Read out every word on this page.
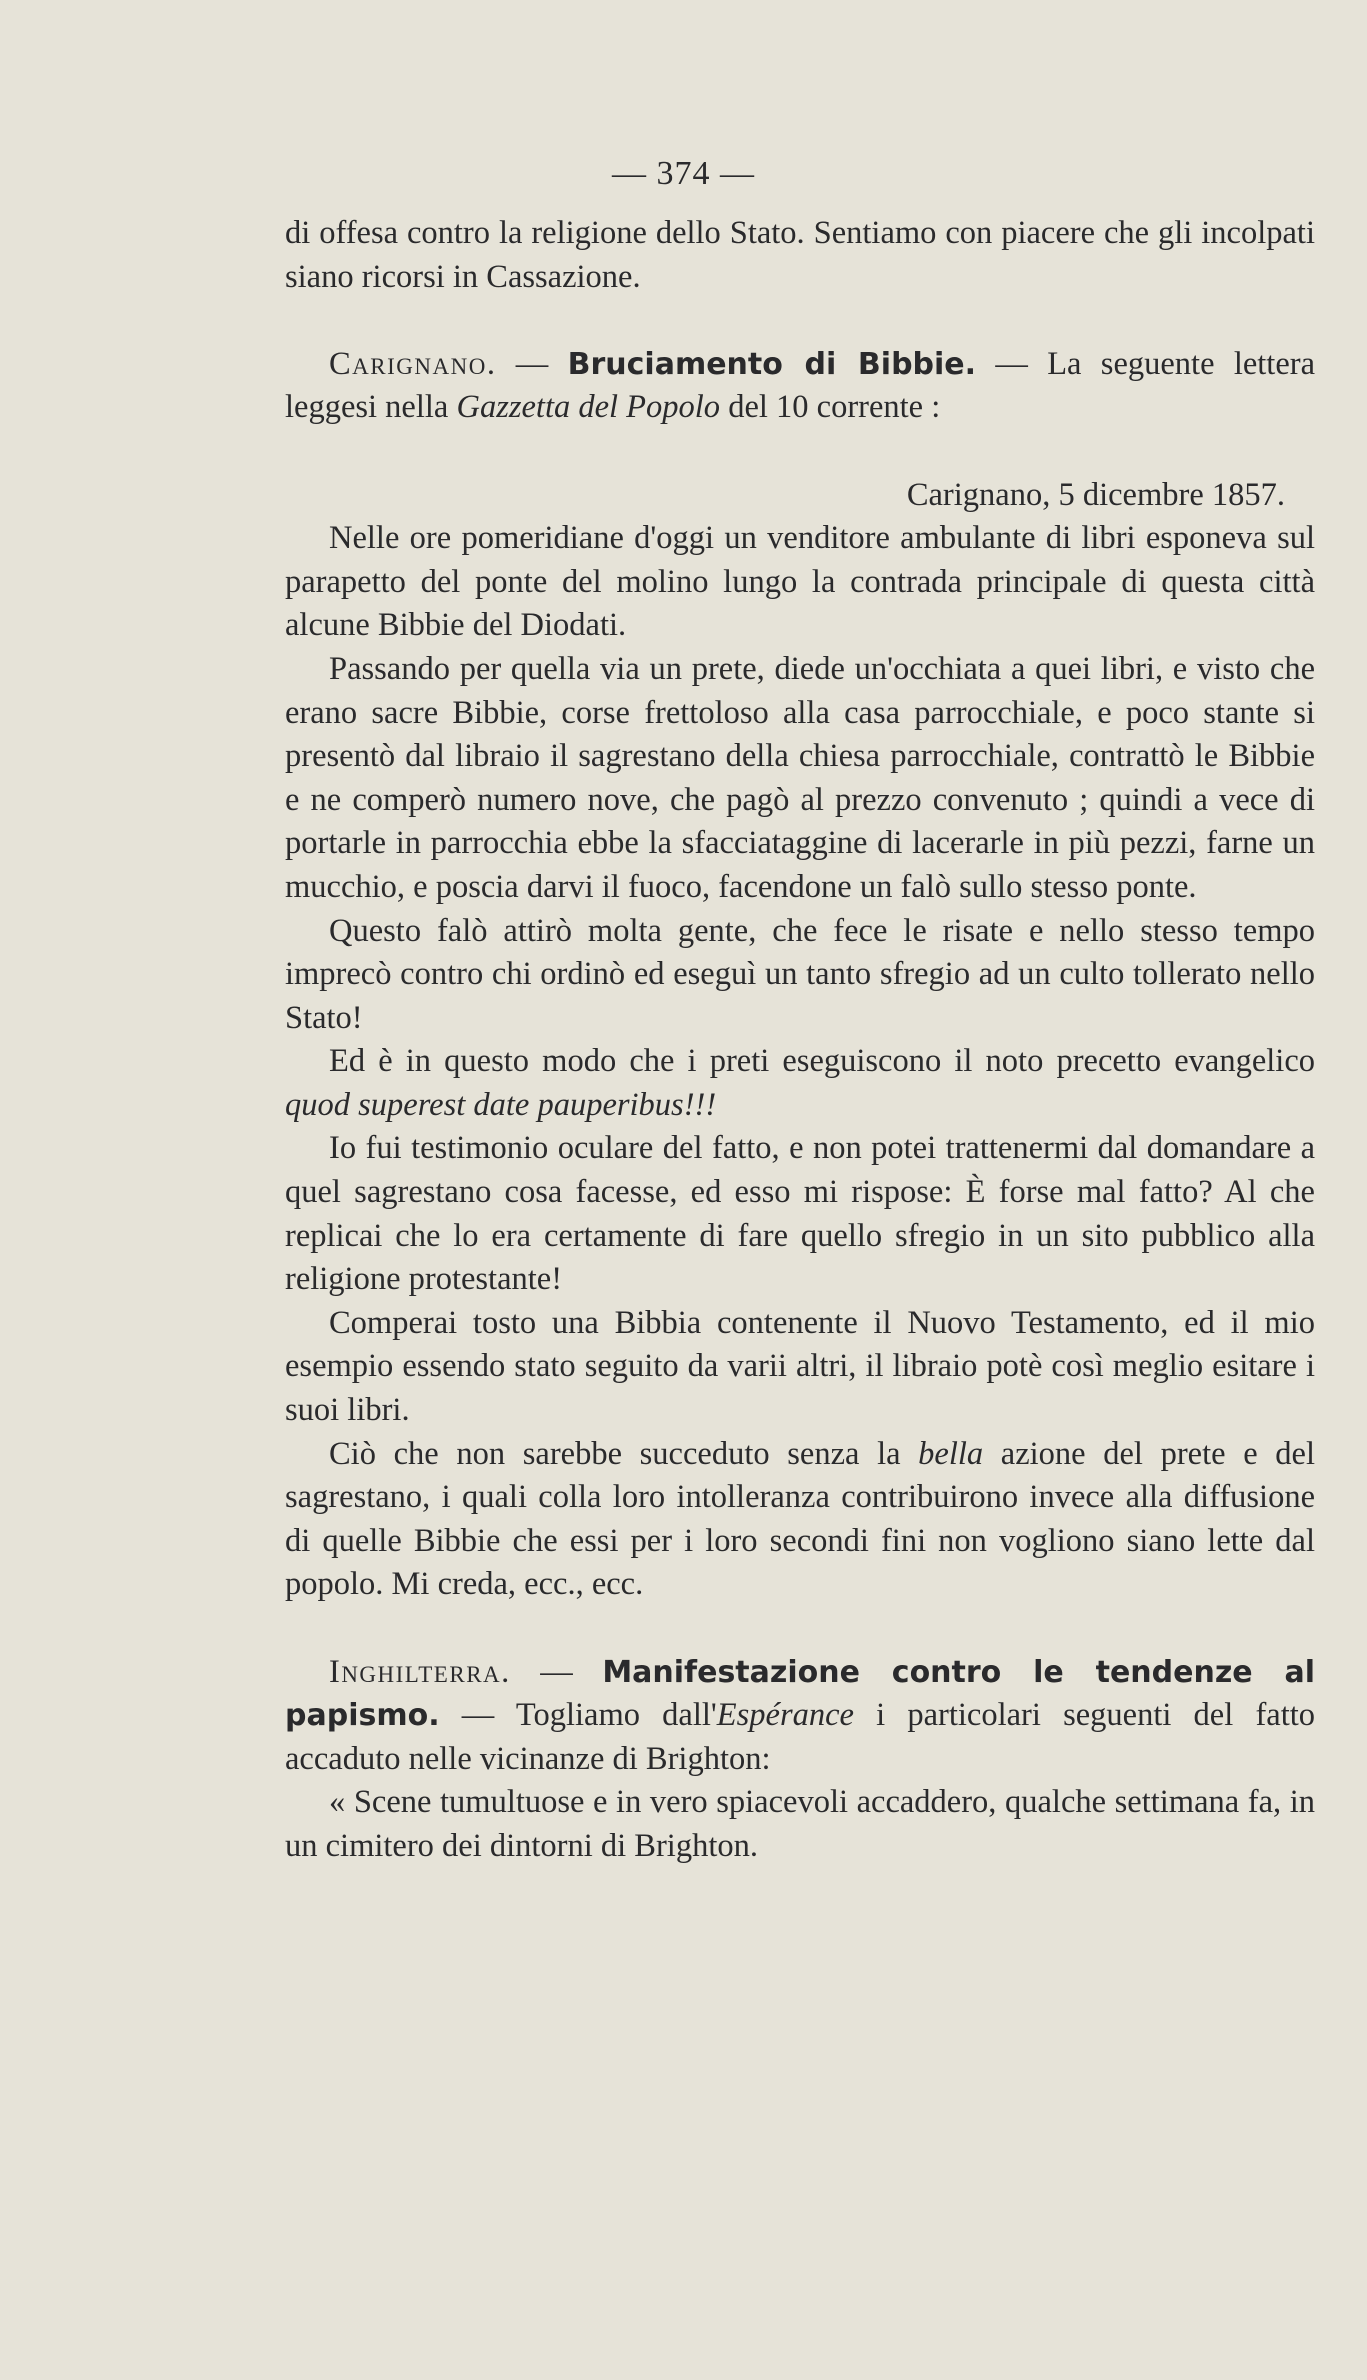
— 374 —

di offesa contro la religione dello Stato. Sentiamo con piacere che gli incolpati siano ricorsi in Cassazione.

Carignano. — Bruciamento di Bibbie. — La seguente lettera leggesi nella Gazzetta del Popolo del 10 corrente :

Carignano, 5 dicembre 1857.

Nelle ore pomeridiane d'oggi un venditore ambulante di libri esponeva sul parapetto del ponte del molino lungo la contrada principale di questa città alcune Bibbie del Diodati.

Passando per quella via un prete, diede un'occhiata a quei libri, e visto che erano sacre Bibbie, corse frettoloso alla casa parrocchiale, e poco stante si presentò dal libraio il sagrestano della chiesa parrocchiale, contrattò le Bibbie e ne comperò numero nove, che pagò al prezzo convenuto ; quindi a vece di portarle in parrocchia ebbe la sfacciataggine di lacerarle in più pezzi, farne un mucchio, e poscia darvi il fuoco, facendone un falò sullo stesso ponte.

Questo falò attirò molta gente, che fece le risate e nello stesso tempo imprecò contro chi ordinò ed eseguì un tanto sfregio ad un culto tollerato nello Stato!

Ed è in questo modo che i preti eseguiscono il noto precetto evangelico quod superest date pauperibus!!!

Io fui testimonio oculare del fatto, e non potei trattenermi dal domandare a quel sagrestano cosa facesse, ed esso mi rispose: È forse mal fatto? Al che replicai che lo era certamente di fare quello sfregio in un sito pubblico alla religione protestante!

Comperai tosto una Bibbia contenente il Nuovo Testamento, ed il mio esempio essendo stato seguito da varii altri, il libraio potè così meglio esitare i suoi libri.

Ciò che non sarebbe succeduto senza la bella azione del prete e del sagrestano, i quali colla loro intolleranza contribuirono invece alla diffusione di quelle Bibbie che essi per i loro secondi fini non vogliono siano lette dal popolo. Mi creda, ecc., ecc.

Inghilterra. — Manifestazione contro le tendenze al papismo. — Togliamo dall'Espérance i particolari seguenti del fatto accaduto nelle vicinanze di Brighton:

« Scene tumultuose e in vero spiacevoli accaddero, qualche settimana fa, in un cimitero dei dintorni di Brighton.
